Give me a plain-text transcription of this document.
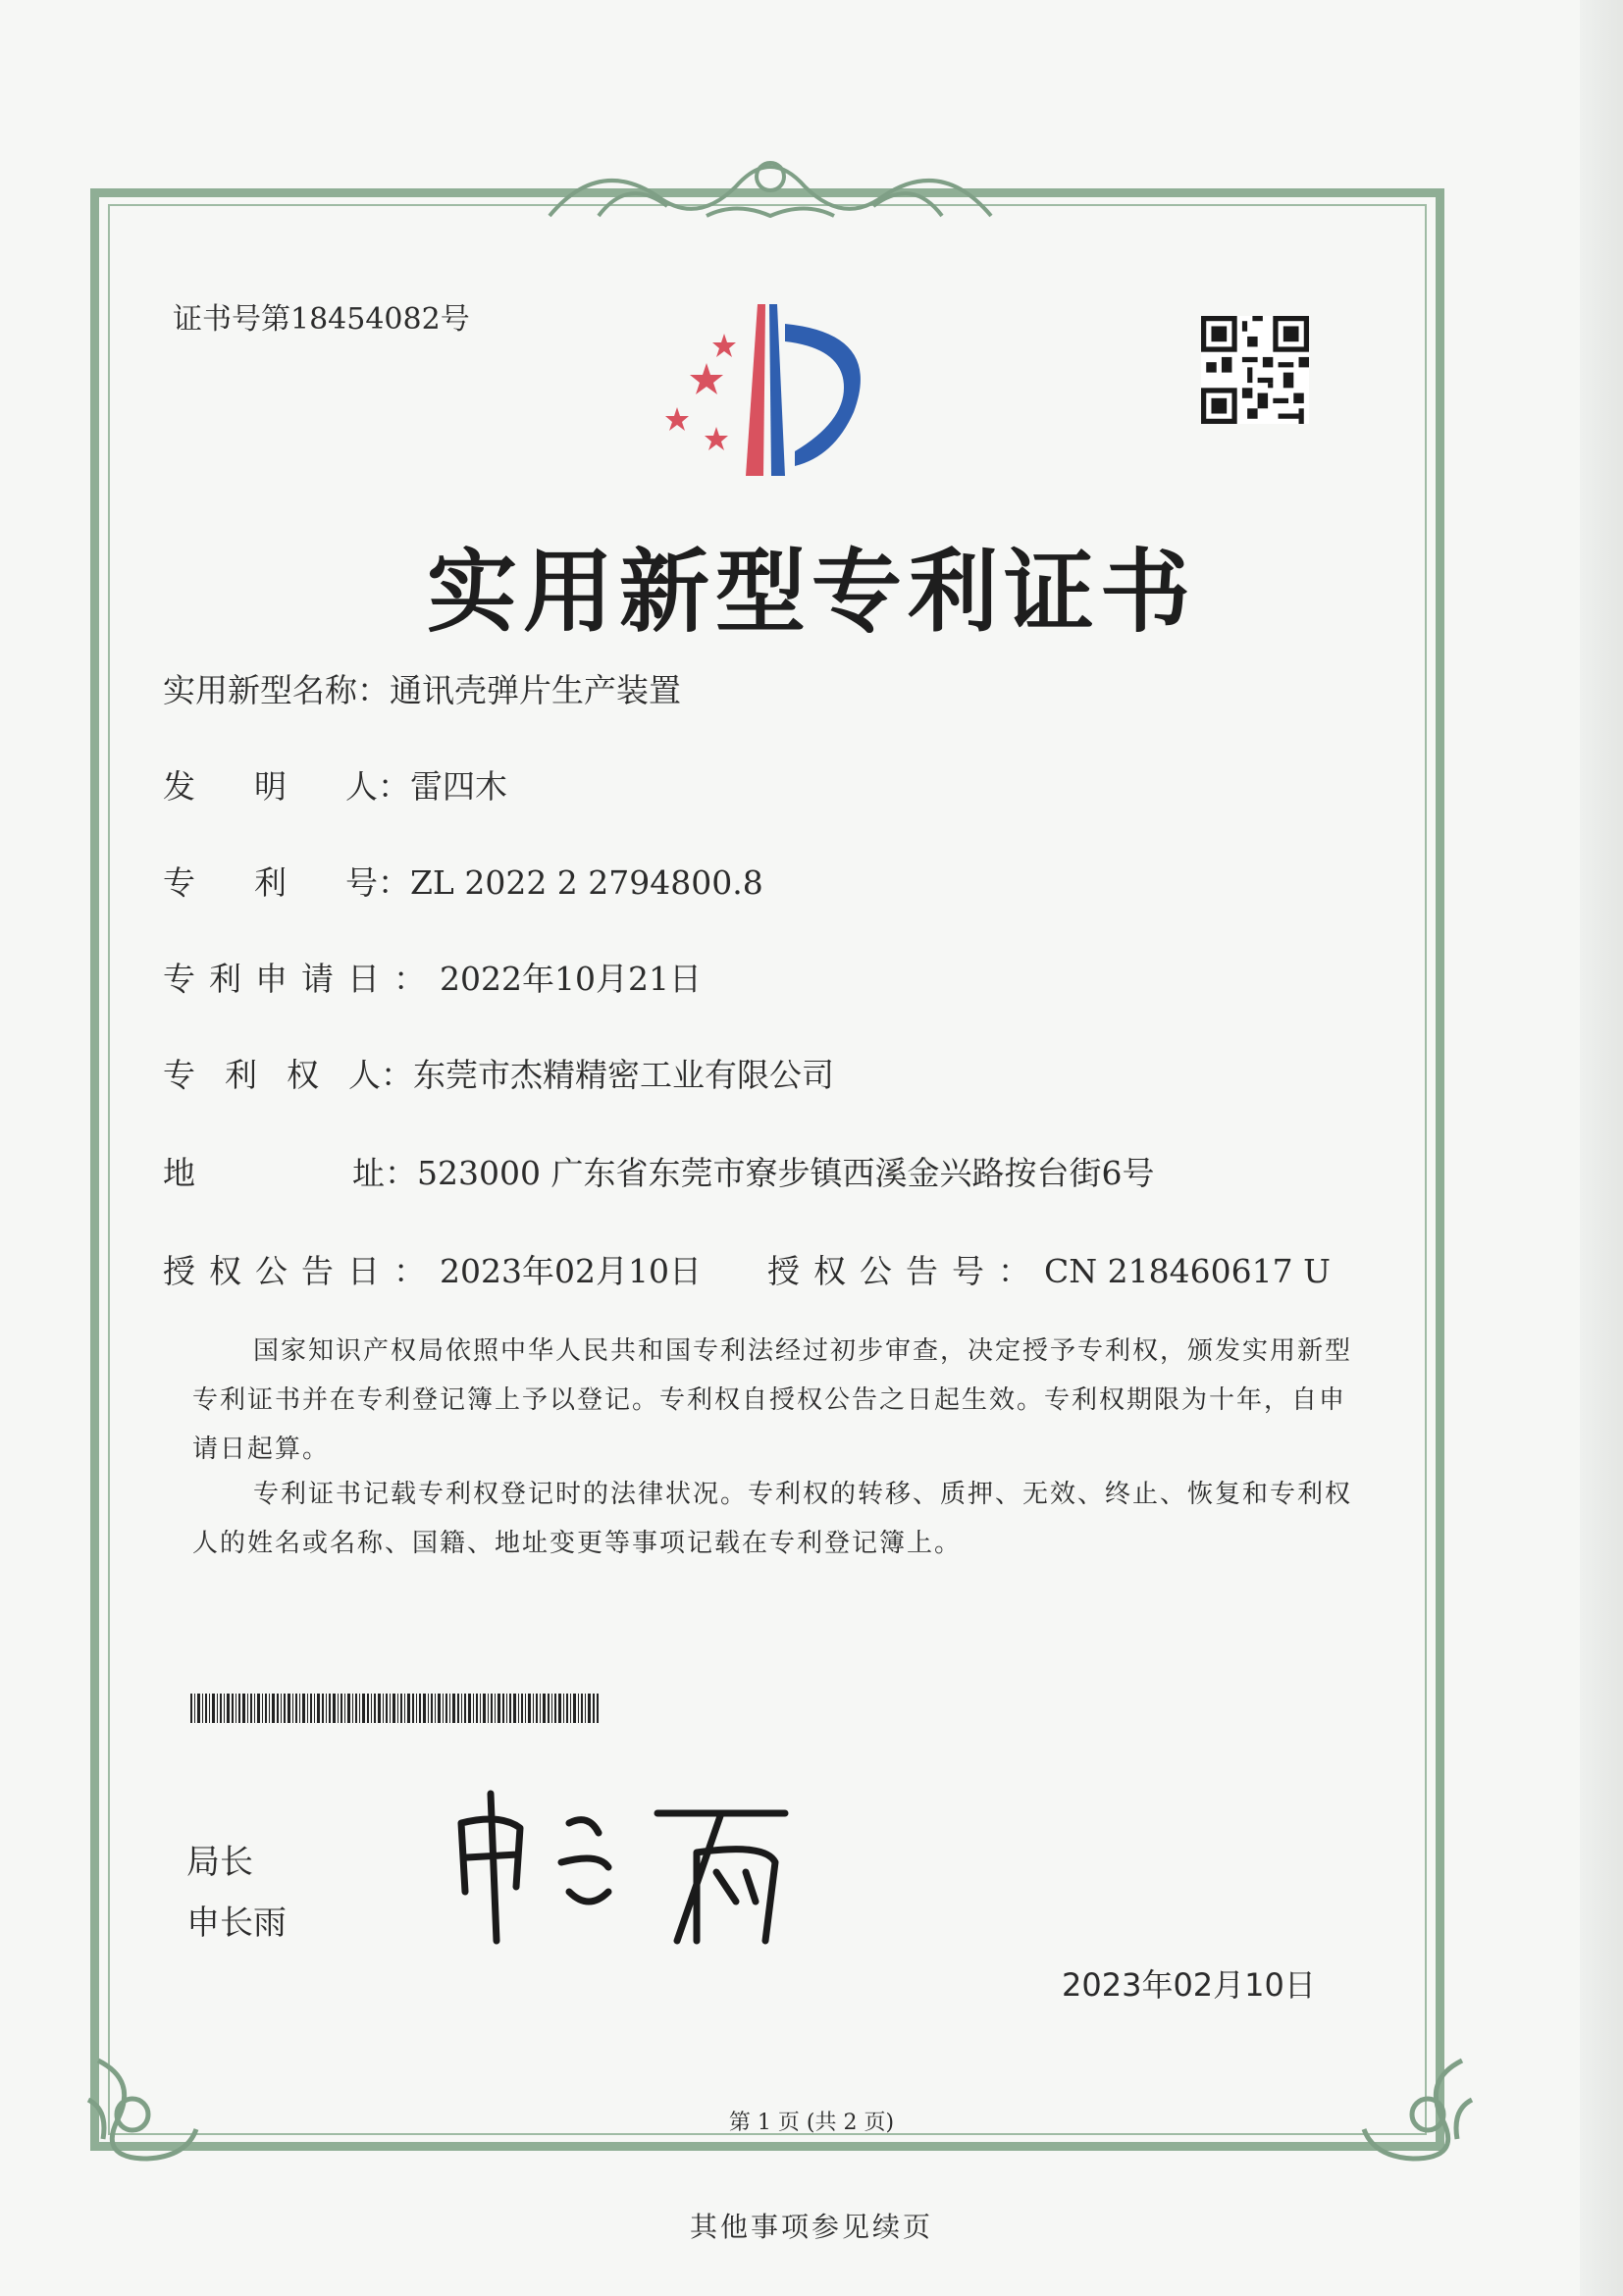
证书号第18454082号
实用新型专利证书
实用新型名称：通讯壳弹片生产装置
发明人：雷四木
专利号：ZL 2022 2 2794800.8
专利申请日：2022年10月21日
专利权人：东莞市杰精精密工业有限公司
地址：523000 广东省东莞市寮步镇西溪金兴路按台街6号
授权公告日：2023年02月10日 授权公告号：CN 218460617 U
国家知识产权局依照中华人民共和国专利法经过初步审查，决定授予专利权，颁发实用新型专利证书并在专利登记簿上予以登记。专利权自授权公告之日起生效。专利权期限为十年，自申请日起算。
专利证书记载专利权登记时的法律状况。专利权的转移、质押、无效、终止、恢复和专利权人的姓名或名称、国籍、地址变更等事项记载在专利登记簿上。
局长
申长雨
2023年02月10日
第 1 页 (共 2 页)
其他事项参见续页
